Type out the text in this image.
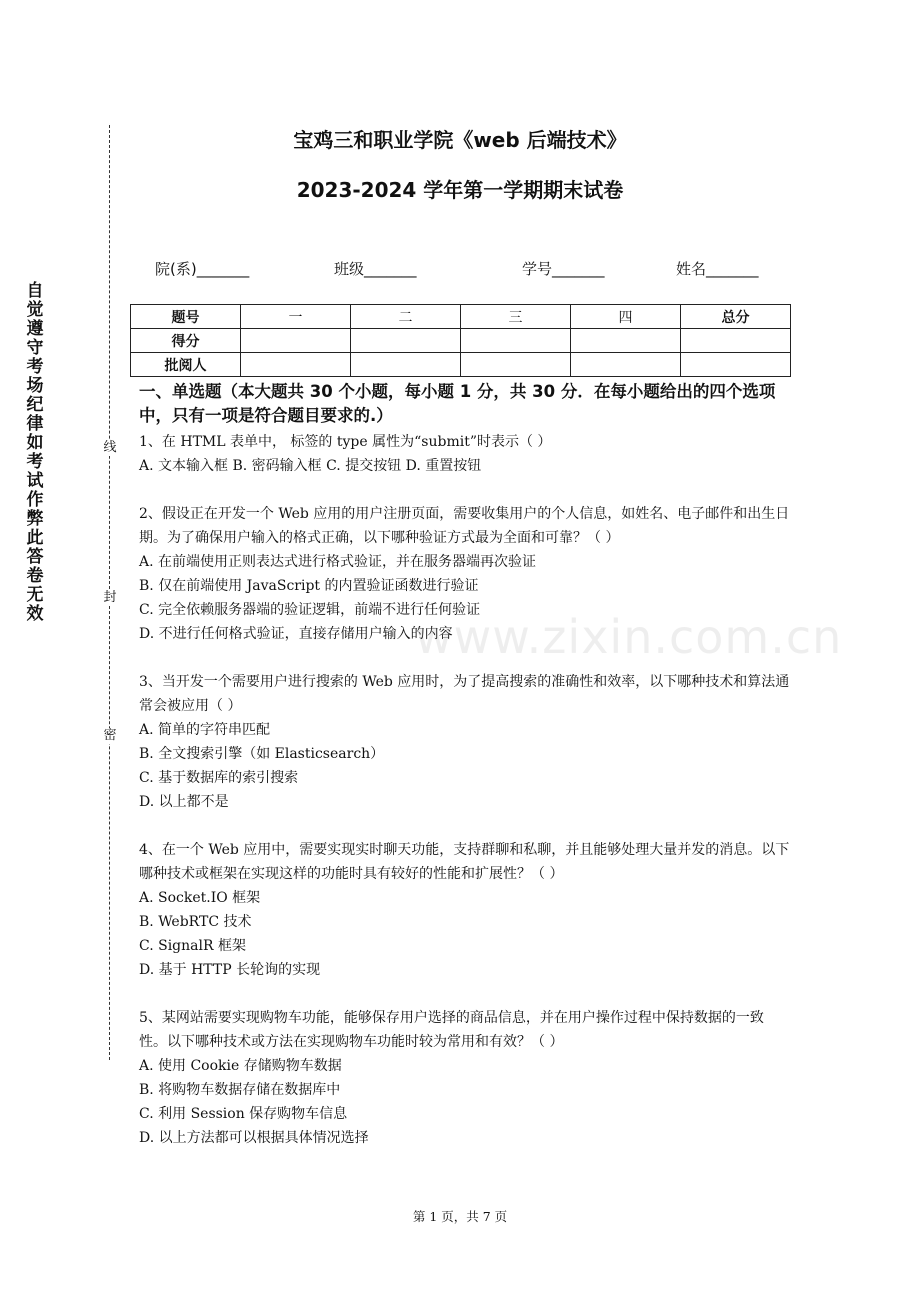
自
觉
遵
守
考
场
纪
律
如
考
试
作
弊
此
答
卷
无
效
线
封
密
宝鸡三和职业学院《web 后端技术》
2023-2024 学年第一学期期末试卷
院(系)_______	班级_______	学号_______	姓名_______
题号	一	二	三	四	总分
得分					
批阅人					
一、单选题（本大题共 30 个小题，每小题 1 分，共 30 分．在每小题给出的四个选项中，只有一项是符合题目要求的.）

1、在 HTML 表单中， 标签的 type 属性为“submit”时表示（ ）

A. 文本输入框 B. 密码输入框 C. 提交按钮 D. 重置按钮

2、假设正在开发一个 Web 应用的用户注册页面，需要收集用户的个人信息，如姓名、电子邮件和出生日期。为了确保用户输入的格式正确，以下哪种验证方式最为全面和可靠？（ ）

A. 在前端使用正则表达式进行格式验证，并在服务器端再次验证

B. 仅在前端使用 JavaScript 的内置验证函数进行验证

C. 完全依赖服务器端的验证逻辑，前端不进行任何验证

D. 不进行任何格式验证，直接存储用户输入的内容

3、当开发一个需要用户进行搜索的 Web 应用时，为了提高搜索的准确性和效率，以下哪种技术和算法通常会被应用（ ）

A. 简单的字符串匹配

B. 全文搜索引擎（如 Elasticsearch）

C. 基于数据库的索引搜索

D. 以上都不是

4、在一个 Web 应用中，需要实现实时聊天功能，支持群聊和私聊，并且能够处理大量并发的消息。以下哪种技术或框架在实现这样的功能时具有较好的性能和扩展性？（ ）

A. Socket.IO 框架

B. WebRTC 技术

C. SignalR 框架

D. 基于 HTTP 长轮询的实现

5、某网站需要实现购物车功能，能够保存用户选择的商品信息，并在用户操作过程中保持数据的一致性。以下哪种技术或方法在实现购物车功能时较为常用和有效？（ ）

A. 使用 Cookie 存储购物车数据

B. 将购物车数据存储在数据库中

C. 利用 Session 保存购物车信息

D. 以上方法都可以根据具体情况选择

www.zixin.com.cn
第 1 页，共 7 页
